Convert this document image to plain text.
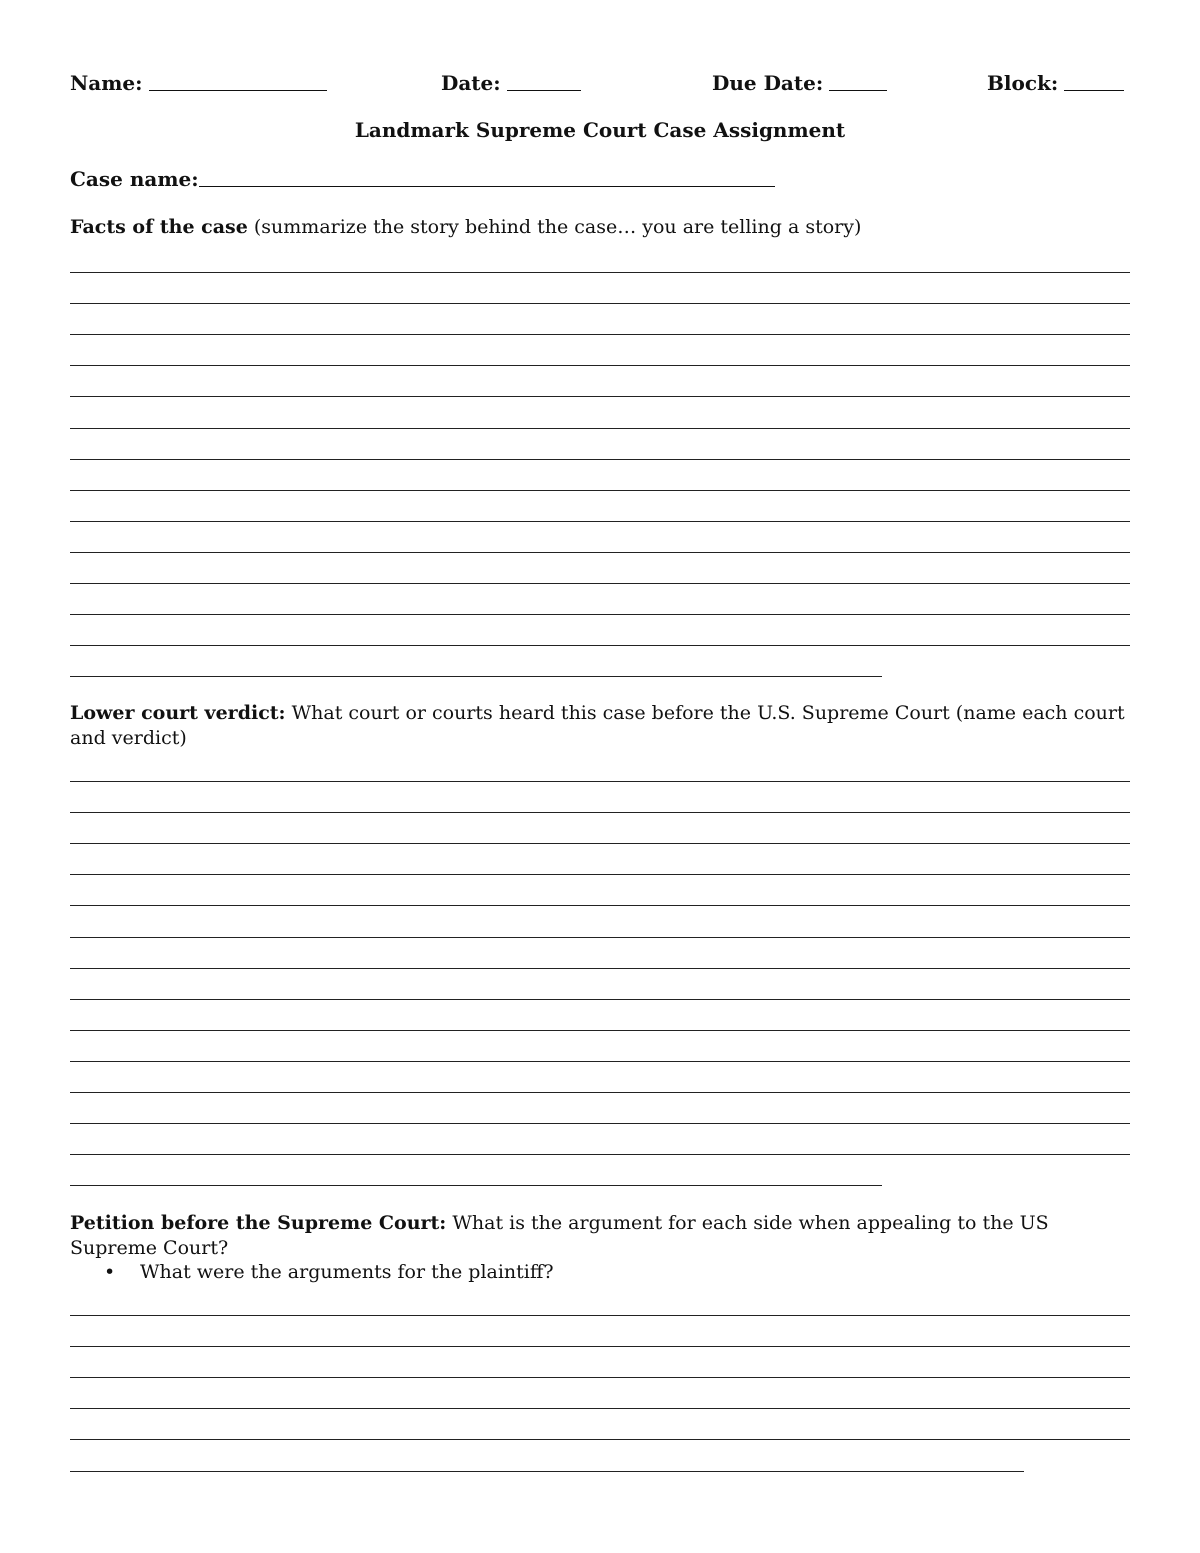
Name:	Date:	Due Date:	Block:
Landmark Supreme Court Case Assignment
Case name:
Facts of the case (summarize the story behind the case… you are telling a story)
Lower court verdict: What court or courts heard this case before the U.S. Supreme Court (name each court and verdict)
Petition before the Supreme Court: What is the argument for each side when appealing to the US Supreme Court?
• What were the arguments for the plaintiff?
